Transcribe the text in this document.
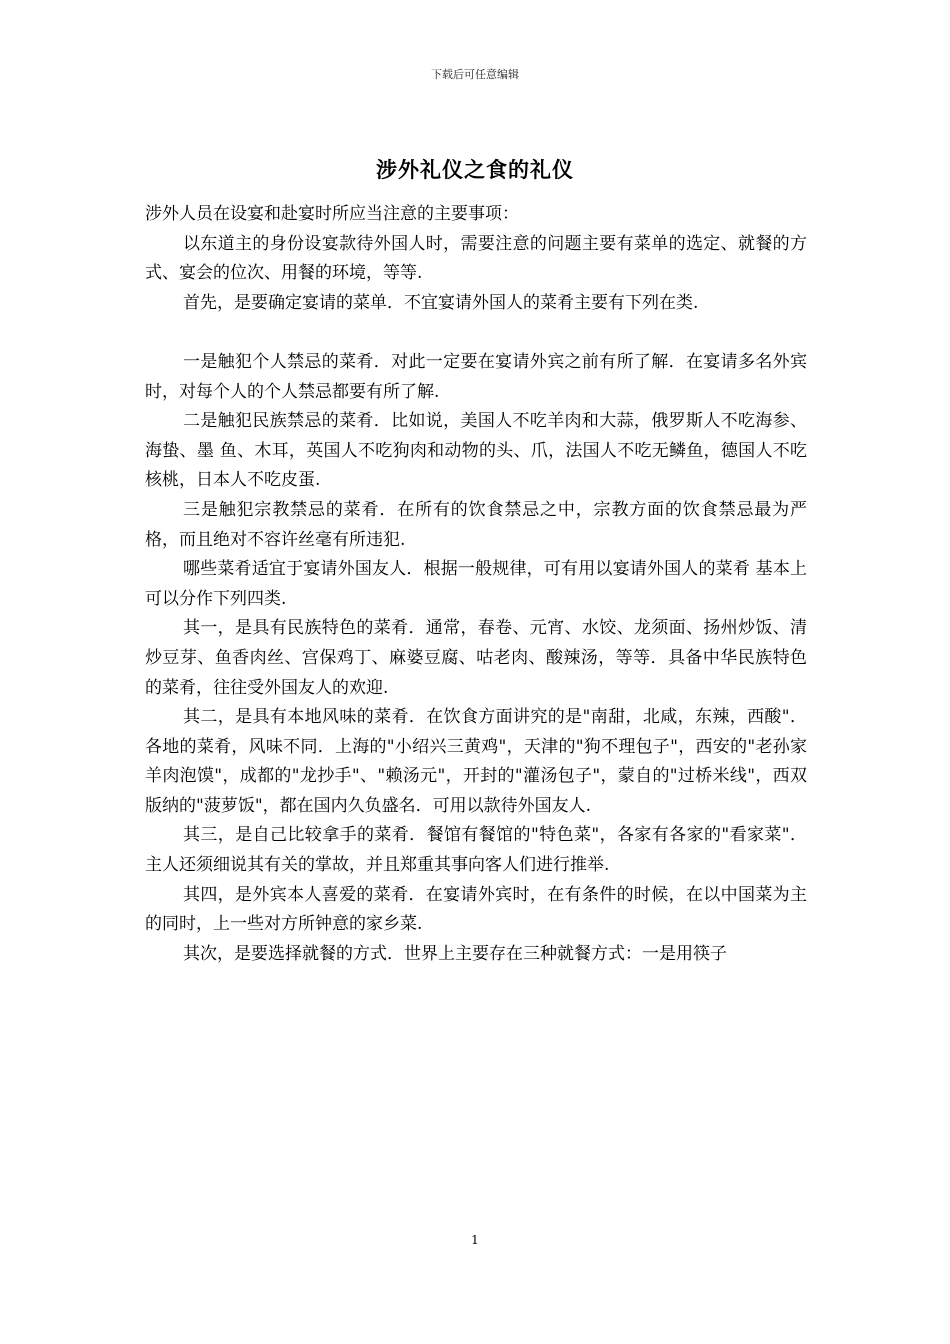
下载后可任意编辑
涉外礼仪之食的礼仪

涉外人员在设宴和赴宴时所应当注意的主要事项：

以东道主的身份设宴款待外国人时，需要注意的问题主要有菜单的选定、就餐的方式、宴会的位次、用餐的环境，等等.

首先，是要确定宴请的菜单．不宜宴请外国人的菜肴主要有下列在类.

一是触犯个人禁忌的菜肴．对此一定要在宴请外宾之前有所了解．在宴请多名外宾时，对每个人的个人禁忌都要有所了解.

二是触犯民族禁忌的菜肴．比如说，美国人不吃羊肉和大蒜，俄罗斯人不吃海参、海蛰、墨 鱼、木耳，英国人不吃狗肉和动物的头、爪，法国人不吃无鳞鱼，德国人不吃核桃，日本人不吃皮蛋.

三是触犯宗教禁忌的菜肴．在所有的饮食禁忌之中，宗教方面的饮食禁忌最为严格，而且绝对不容许丝毫有所违犯.

哪些菜肴适宜于宴请外国友人．根据一般规律，可有用以宴请外国人的菜肴 基本上可以分作下列四类.

其一，是具有民族特色的菜肴．通常，春卷、元宵、水饺、龙须面、扬州炒饭、清炒豆芽、鱼香肉丝、宫保鸡丁、麻婆豆腐、咕老肉、酸辣汤，等等．具备中华民族特色的菜肴，往往受外国友人的欢迎.

其二，是具有本地风味的菜肴．在饮食方面讲究的是"南甜，北咸，东辣，西酸"．各地的菜肴，风味不同．上海的"小绍兴三黄鸡"，天津的"狗不理包子"，西安的"老孙家羊肉泡馍"，成都的"龙抄手"、"赖汤元"，开封的"灌汤包子"，蒙自的"过桥米线"，西双版纳的"菠萝饭"，都在国内久负盛名．可用以款待外国友人.

其三，是自己比较拿手的菜肴．餐馆有餐馆的"特色菜"，各家有各家的"看家菜"．主人还须细说其有关的掌故，并且郑重其事向客人们进行推举.

其四，是外宾本人喜爱的菜肴．在宴请外宾时，在有条件的时候，在以中国菜为主的同时，上一些对方所钟意的家乡菜.

其次，是要选择就餐的方式．世界上主要存在三种就餐方式：一是用筷子

1
